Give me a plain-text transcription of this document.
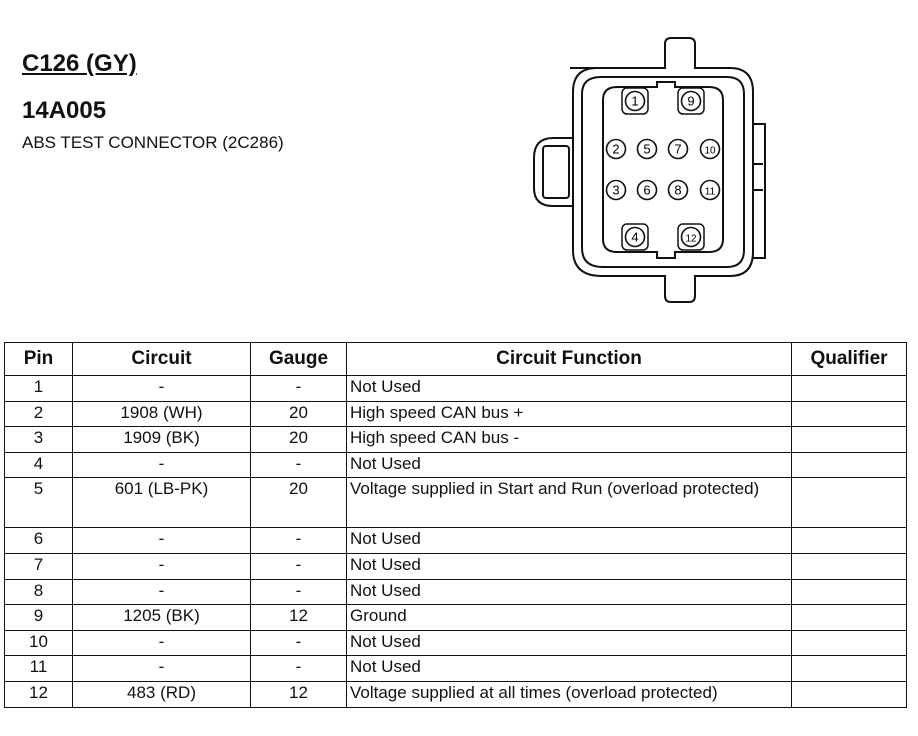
C126 (GY)
14A005

ABS TEST CONNECTOR (2C286)

1	9
2 5 7 10
3 6 8 11
4	12
Pin	Circuit	Gauge	Circuit Function	Qualifier
1	-	-	Not Used	
2	1908 (WH)	20	High speed CAN bus +	
3	1909 (BK)	20	High speed CAN bus -	
4	-	-	Not Used	
5	601 (LB-PK)	20	Voltage supplied in Start and Run (overload protected)	
6	-	-	Not Used	
7	-	-	Not Used	
8	-	-	Not Used	
9	1205 (BK)	12	Ground	
10	-	-	Not Used	
11	-	-	Not Used	
12	483 (RD)	12	Voltage supplied at all times (overload protected)	
